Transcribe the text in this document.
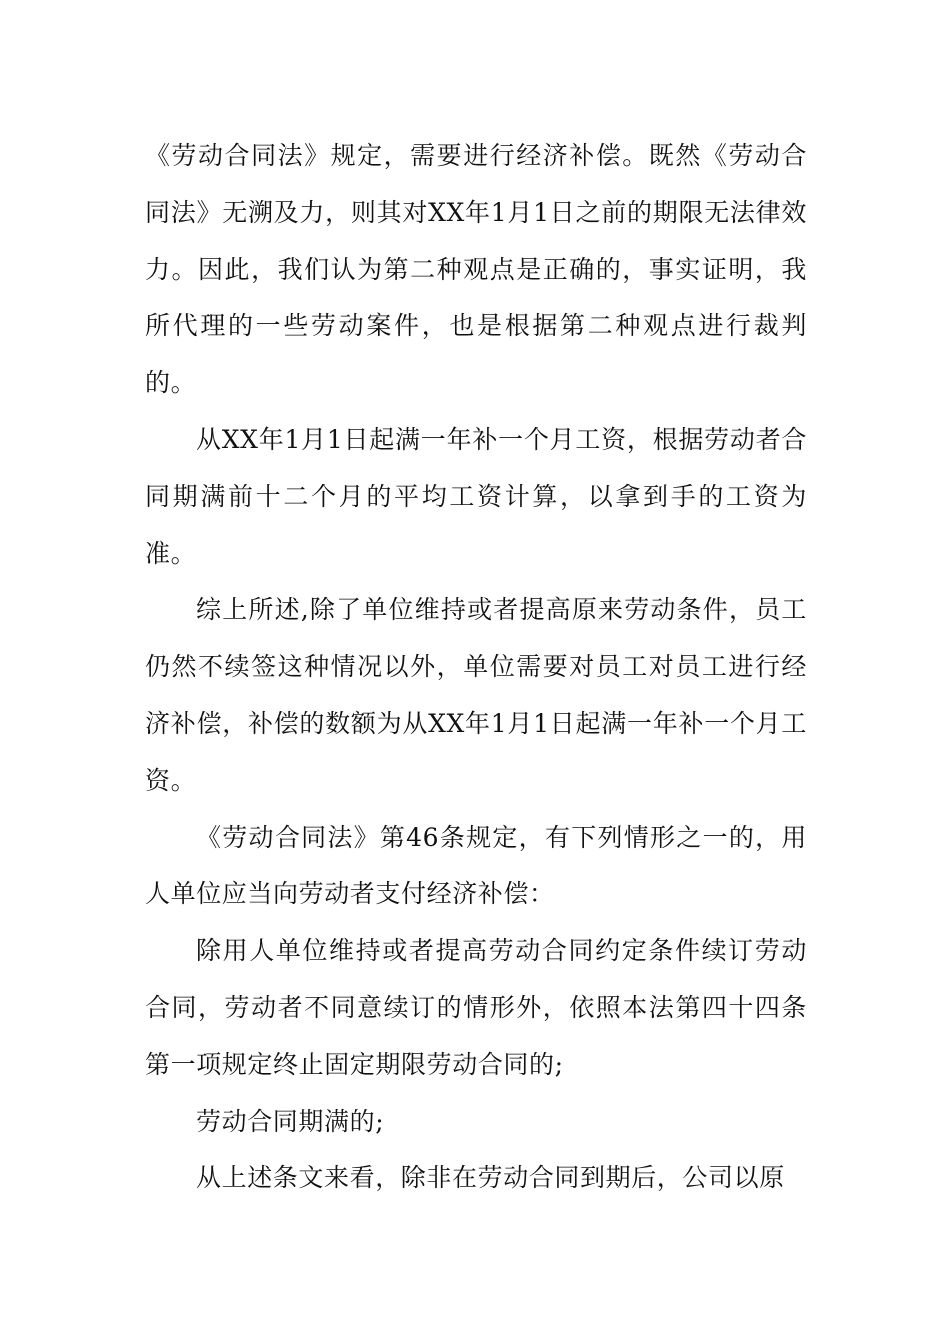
《劳动合同法》规定，需要进行经济补偿。既然《劳动合同法》无溯及力，则其对XX年1月1日之前的期限无法律效力。因此，我们认为第二种观点是正确的，事实证明，我所代理的一些劳动案件，也是根据第二种观点进行裁判的。

从XX年1月1日起满一年补一个月工资，根据劳动者合同期满前十二个月的平均工资计算，以拿到手的工资为准。

综上所述,除了单位维持或者提高原来劳动条件，员工仍然不续签这种情况以外，单位需要对员工对员工进行经济补偿，补偿的数额为从XX年1月1日起满一年补一个月工资。

《劳动合同法》第46条规定，有下列情形之一的，用人单位应当向劳动者支付经济补偿：

除用人单位维持或者提高劳动合同约定条件续订劳动合同，劳动者不同意续订的情形外，依照本法第四十四条第一项规定终止固定期限劳动合同的;

劳动合同期满的;

从上述条文来看，除非在劳动合同到期后，公司以原
